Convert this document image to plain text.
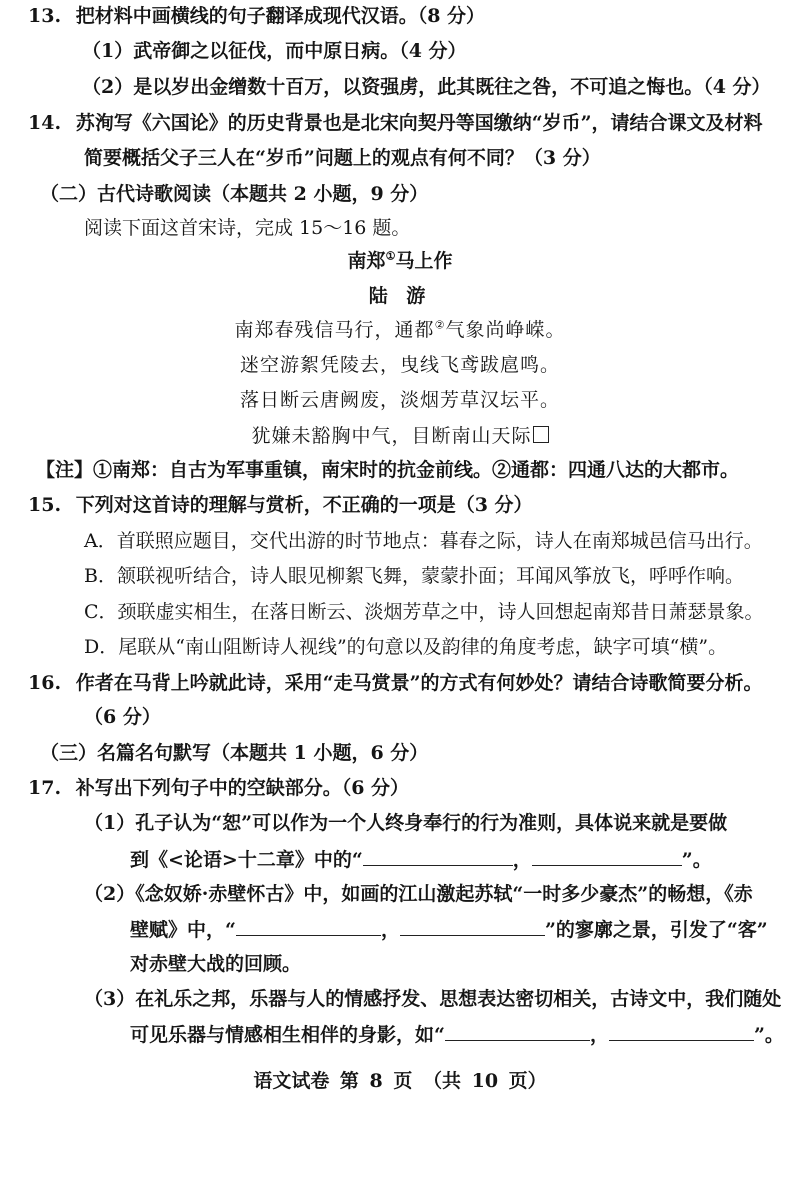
13. 把材料中画横线的句子翻译成现代汉语。（8 分）
（1）武帝御之以征伐，而中原日病。（4 分）
（2）是以岁出金缯数十百万，以资强虏，此其既往之咎，不可追之悔也。（4 分）
14. 苏洵写《六国论》的历史背景也是北宋向契丹等国缴纳“岁币”，请结合课文及材料
简要概括父子三人在“岁币”问题上的观点有何不同？（3 分）
（二）古代诗歌阅读（本题共 2 小题，9 分）
阅读下面这首宋诗，完成 15～16 题。
南郑①马上作
陆 游
南郑春残信马行，通都②气象尚峥嵘。
迷空游絮凭陵去，曳线飞鸢跋扈鸣。
落日断云唐阙废，淡烟芳草汉坛平。
犹嫌未豁胸中气，目断南山天际
【注】①南郑：自古为军事重镇，南宋时的抗金前线。②通都：四通八达的大都市。
15. 下列对这首诗的理解与赏析，不正确的一项是（3 分）
A．首联照应题目，交代出游的时节地点：暮春之际，诗人在南郑城邑信马出行。
B．颔联视听结合，诗人眼见柳絮飞舞，蒙蒙扑面；耳闻风筝放飞，呼呼作响。
C．颈联虚实相生，在落日断云、淡烟芳草之中，诗人回想起南郑昔日萧瑟景象。
D．尾联从“南山阻断诗人视线”的句意以及韵律的角度考虑，缺字可填“横”。
16. 作者在马背上吟就此诗，采用“走马赏景”的方式有何妙处？请结合诗歌简要分析。
（6 分）
（三）名篇名句默写（本题共 1 小题，6 分）
17. 补写出下列句子中的空缺部分。（6 分）
（1）孔子认为“恕”可以作为一个人终身奉行的行为准则，具体说来就是要做
到《<论语>十二章》中的“	，	”。
（2）《念奴娇·赤壁怀古》中，如画的江山激起苏轼“一时多少豪杰”的畅想，《赤
壁赋》中，“	，	”的寥廓之景，引发了“客”
对赤壁大战的回顾。
（3）在礼乐之邦，乐器与人的情感抒发、思想表达密切相关，古诗文中，我们随处
可见乐器与情感相生相伴的身影，如“	，	”。
语文试卷 第 8 页 （共 10 页）
